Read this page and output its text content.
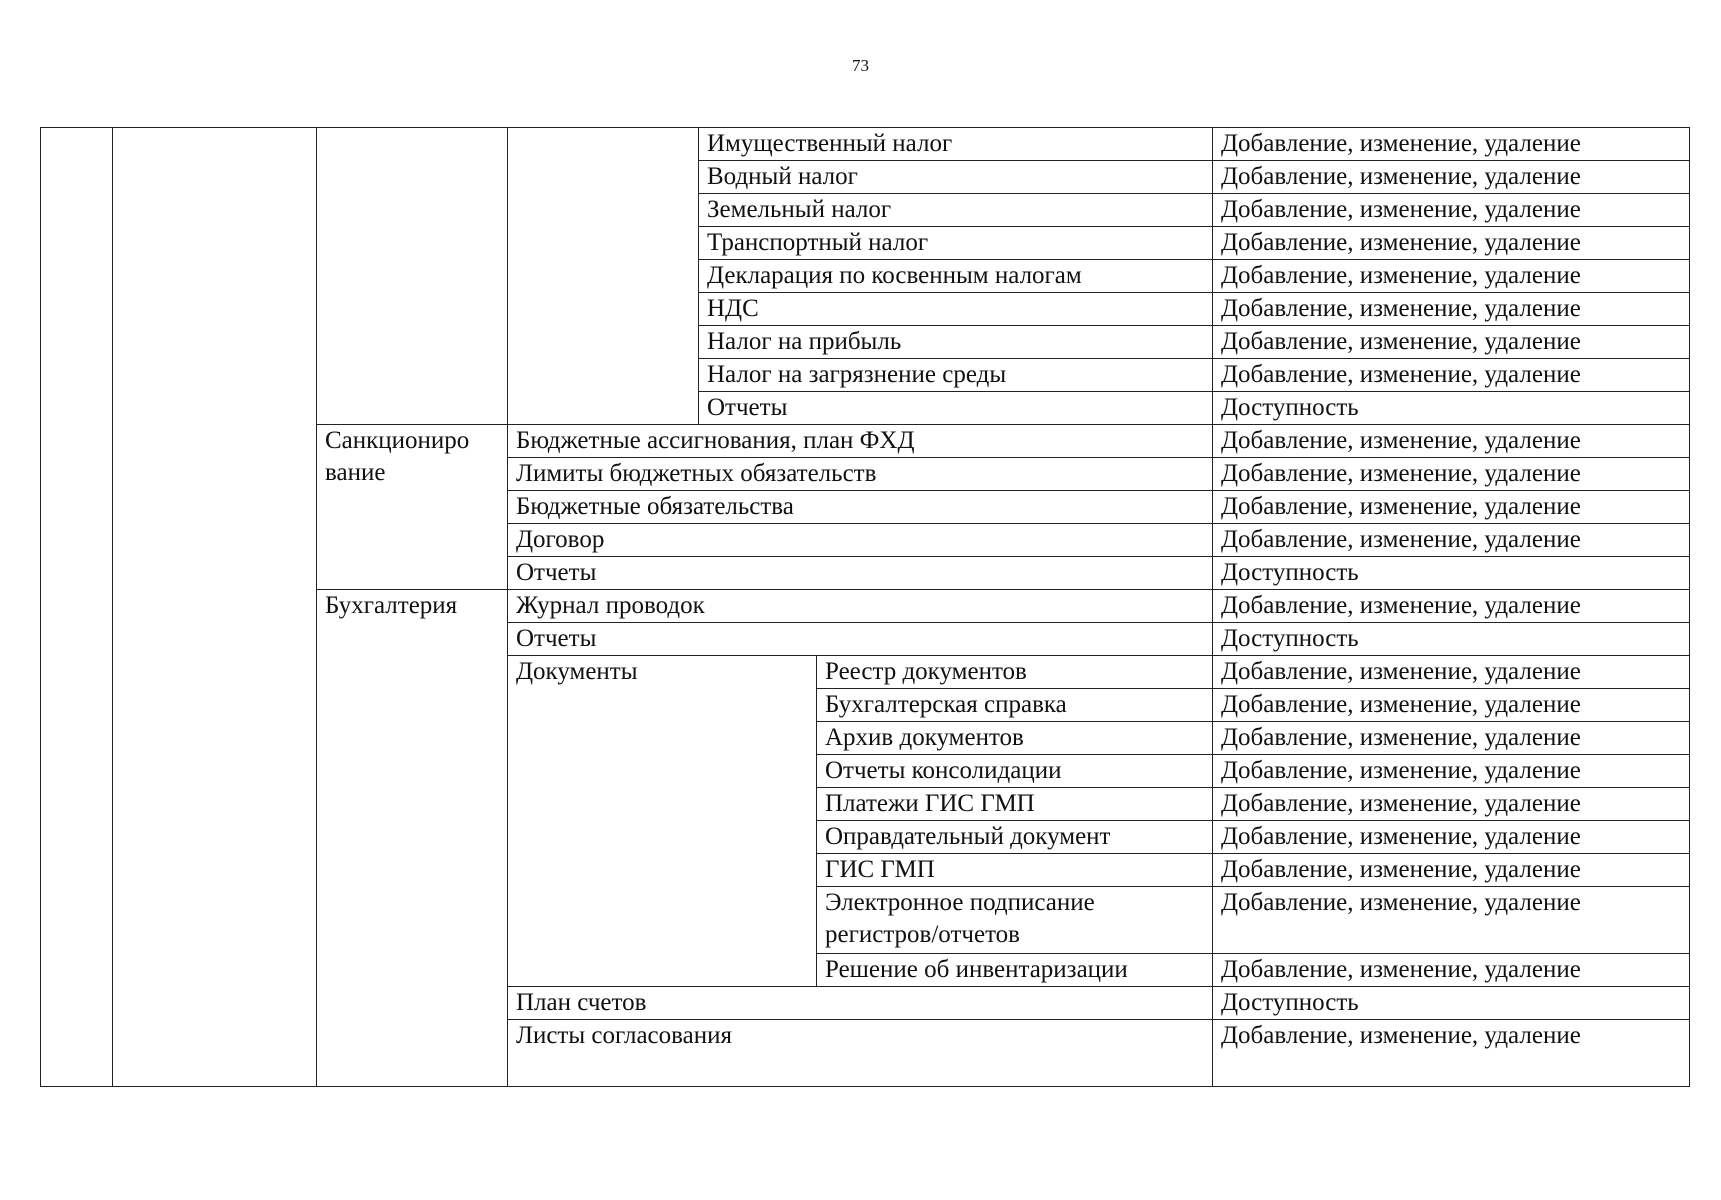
73
				Имущественный налог		Добавление, изменение, удаление
				Водный налог		Добавление, изменение, удаление
				Земельный налог		Добавление, изменение, удаление
				Транспортный налог		Добавление, изменение, удаление
				Декларация по косвенным налогам		Добавление, изменение, удаление
				НДС		Добавление, изменение, удаление
				Налог на прибыль		Добавление, изменение, удаление
				Налог на загрязнение среды		Добавление, изменение, удаление
				Отчеты		Доступность
		Санкциониро вание	Бюджетные ассигнования, план ФХД			Добавление, изменение, удаление
			Лимиты бюджетных обязательств			Добавление, изменение, удаление
			Бюджетные обязательства			Добавление, изменение, удаление
			Договор			Добавление, изменение, удаление
			Отчеты			Доступность
		Бухгалтерия	Журнал проводок			Добавление, изменение, удаление
			Отчеты			Доступность
			Документы		Реестр документов	Добавление, изменение, удаление
					Бухгалтерская справка	Добавление, изменение, удаление
					Архив документов	Добавление, изменение, удаление
					Отчеты консолидации	Добавление, изменение, удаление
					Платежи ГИС ГМП	Добавление, изменение, удаление
					Оправдательный документ	Добавление, изменение, удаление
					ГИС ГМП	Добавление, изменение, удаление
					Электронное подписание регистров/отчетов	Добавление, изменение, удаление
					Решение об инвентаризации	Добавление, изменение, удаление
			План счетов			Доступность
			Листы согласования			Добавление, изменение, удаление
